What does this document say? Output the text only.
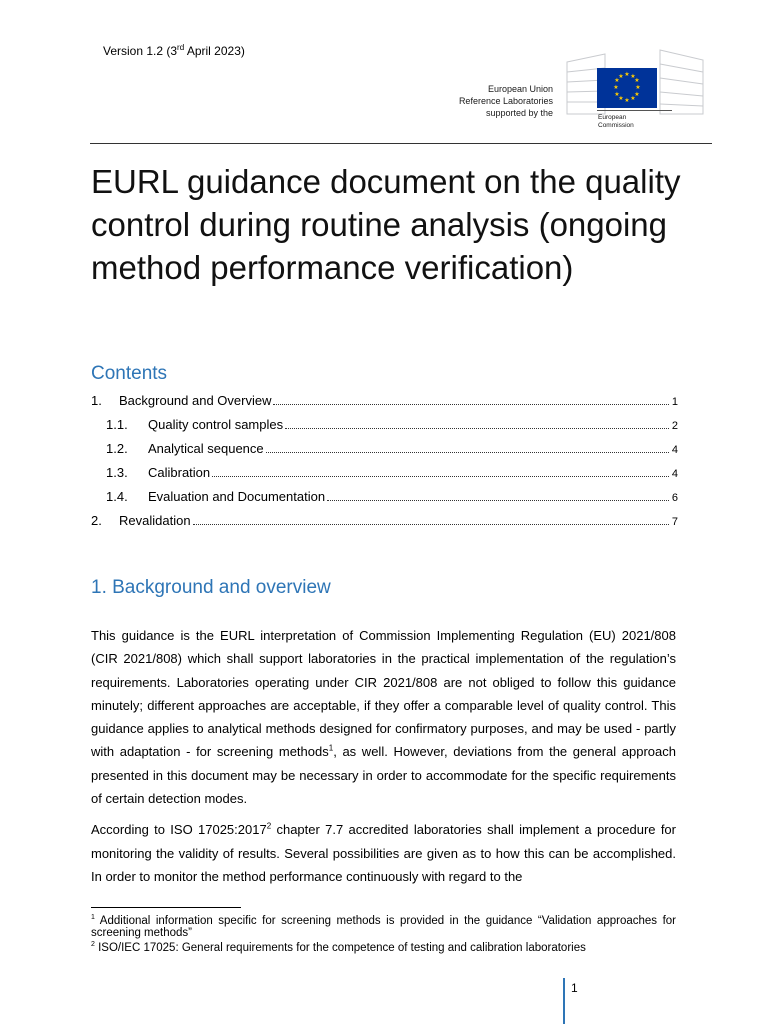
Version 1.2 (3rd April 2023)
European Union
Reference Laboratories
supported by the
★ ★
★
★
★
★
★
★
★
★
★
★
European
Commission
EURL guidance document on the quality control during routine analysis (ongoing method performance verification)
Contents
1.	Background and Overview	1
1.1.	Quality control samples	2
1.2.	Analytical sequence	4
1.3.	Calibration	4
1.4.	Evaluation and Documentation	6
2.	Revalidation	7
1. Background and overview

This guidance is the EURL interpretation of Commission Implementing Regulation (EU) 2021/808 (CIR 2021/808) which shall support laboratories in the practical implementation of the regulation’s requirements. Laboratories operating under CIR 2021/808 are not obliged to follow this guidance minutely; different approaches are acceptable, if they offer a comparable level of quality control. This guidance applies to analytical methods designed for confirmatory purposes, and may be used - partly with adaptation - for screening methods$^1$, as well. However, deviations from the general approach presented in this document may be necessary in order to accommodate for the specific requirements of certain detection modes.

According to ISO 17025:2017$^2$ chapter 7.7 accredited laboratories shall implement a procedure for monitoring the validity of results. Several possibilities are given as to how this can be accomplished. In order to monitor the method performance continuously with regard to the

$^1$ Additional information specific for screening methods is provided in the guidance “Validation approaches for screening methods”

$^2$ ISO/IEC 17025: General requirements for the competence of testing and calibration laboratories

1
